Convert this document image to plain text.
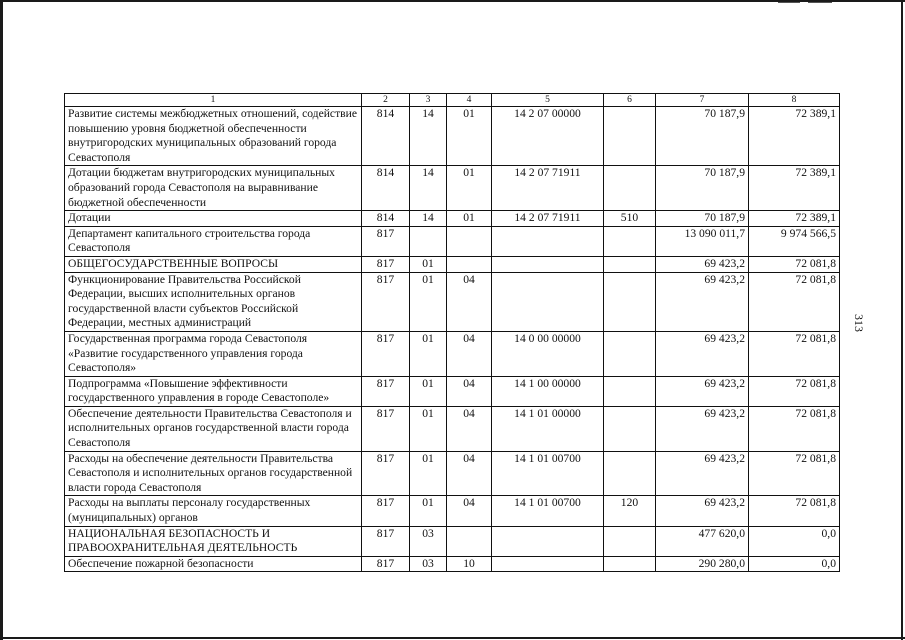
1	2	3	4	5	6	7	8
Развитие системы межбюджетных отношений, содействие повышению уровня бюджетной обеспеченности внутригородских муниципальных образований города Севастополя	814	14	01	14 2 07 00000		70 187,9	72 389,1
Дотации бюджетам внутригородских муниципальных образований города Севастополя на выравнивание бюджетной обеспеченности	814	14	01	14 2 07 71911		70 187,9	72 389,1
Дотации	814	14	01	14 2 07 71911	510	70 187,9	72 389,1
Департамент капитального строительства города Севастополя	817					13 090 011,7	9 974 566,5
ОБЩЕГОСУДАРСТВЕННЫЕ ВОПРОСЫ	817	01				69 423,2	72 081,8
Функционирование Правительства Российской Федерации, высших исполнительных органов государственной власти субъектов Российской Федерации, местных администраций	817	01	04			69 423,2	72 081,8
Государственная программа города Севастополя «Развитие государственного управления города Севастополя»	817	01	04	14 0 00 00000		69 423,2	72 081,8
Подпрограмма «Повышение эффективности государственного управления в городе Севастополе»	817	01	04	14 1 00 00000		69 423,2	72 081,8
Обеспечение деятельности Правительства Севастополя и исполнительных органов государственной власти города Севастополя	817	01	04	14 1 01 00000		69 423,2	72 081,8
Расходы на обеспечение деятельности Правительства Севастополя и исполнительных органов государственной власти города Севастополя	817	01	04	14 1 01 00700		69 423,2	72 081,8
Расходы на выплаты персоналу государственных (муниципальных) органов	817	01	04	14 1 01 00700	120	69 423,2	72 081,8
НАЦИОНАЛЬНАЯ БЕЗОПАСНОСТЬ И ПРАВООХРАНИТЕЛЬНАЯ ДЕЯТЕЛЬНОСТЬ	817	03				477 620,0	0,0
Обеспечение пожарной безопасности	817	03	10			290 280,0	0,0
313
